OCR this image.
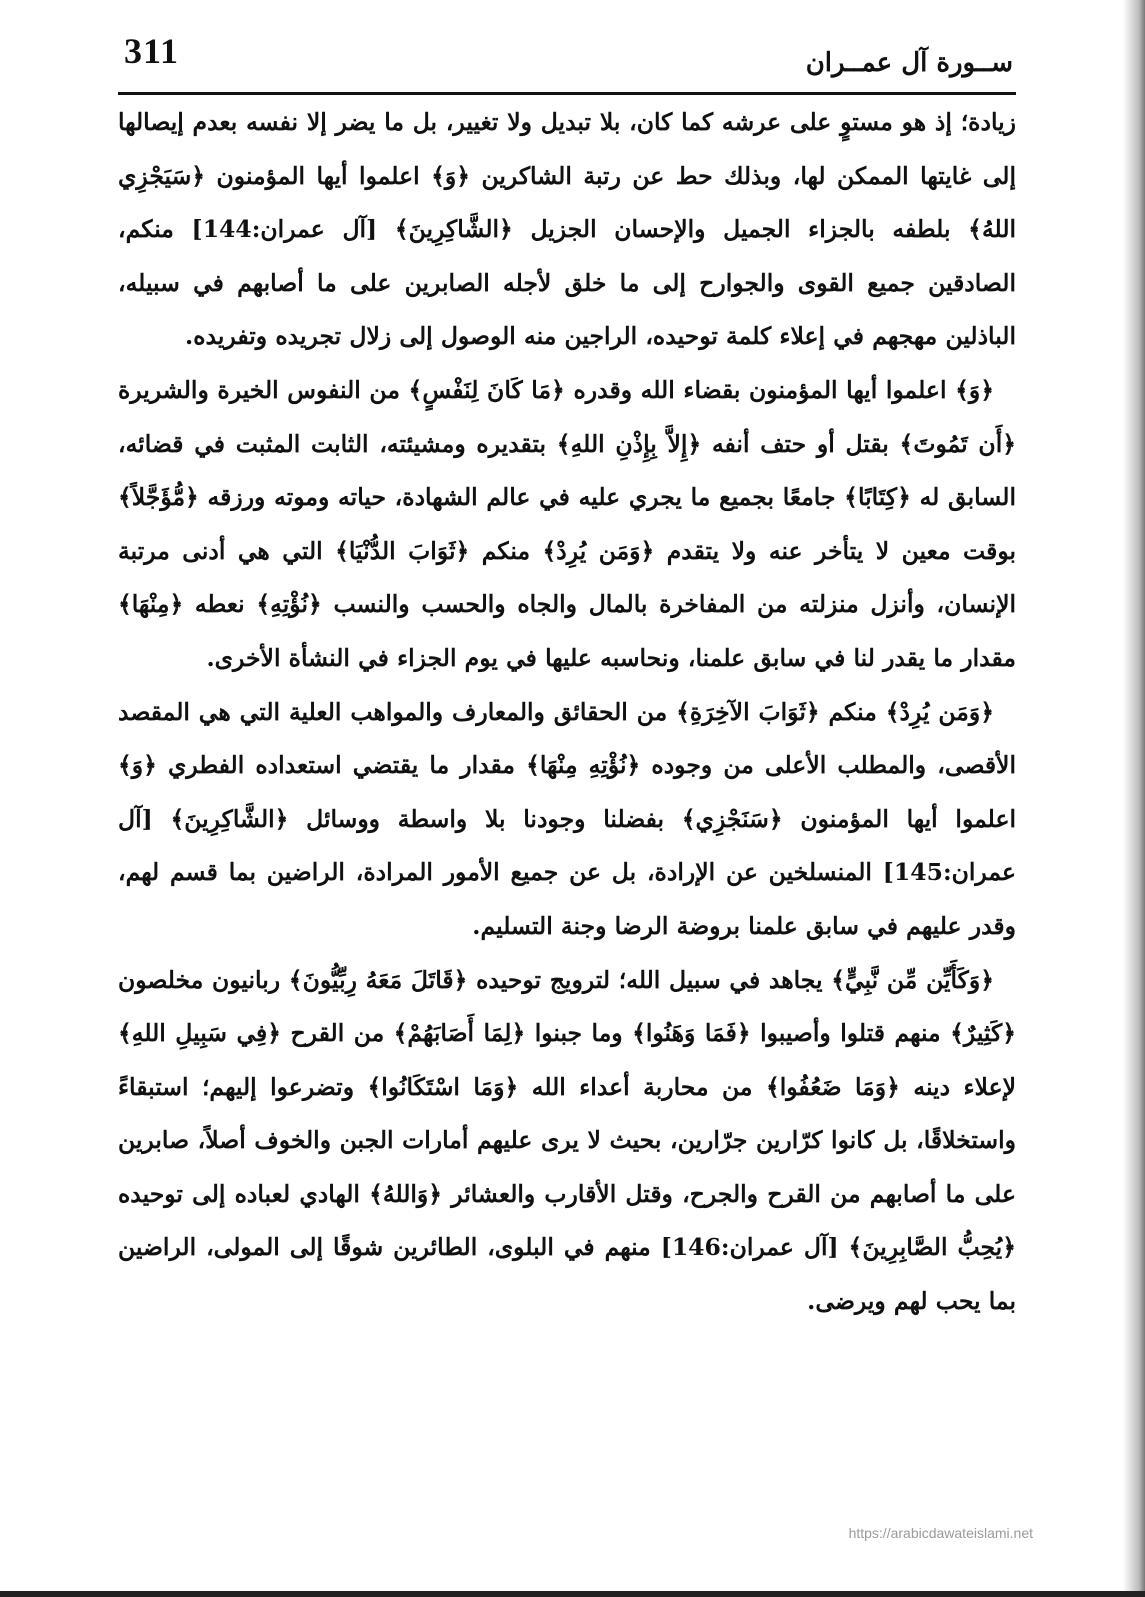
311	ســورة آل عمــران

زيادة؛ إذ هو مستوٍ على عرشه كما كان، بلا تبديل ولا تغيير، بل ما يضر إلا نفسه بعدم إيصالها إلى غايتها الممكن لها، وبذلك حط عن رتبة الشاكرين ﴿وَ﴾ اعلموا أيها المؤمنون ﴿سَيَجْزِي اللهُ﴾ بلطفه بالجزاء الجميل والإحسان الجزيل ﴿الشَّاكِرِينَ﴾ [آل عمران:144] منكم، الصادقين جميع القوى والجوارح إلى ما خلق لأجله الصابرين على ما أصابهم في سبيله، الباذلين مهجهم في إعلاء كلمة توحيده، الراجين منه الوصول إلى زلال تجريده وتفريده.

﴿وَ﴾ اعلموا أيها المؤمنون بقضاء الله وقدره ﴿مَا كَانَ لِنَفْسٍ﴾ من النفوس الخيرة والشريرة ﴿أَن تَمُوتَ﴾ بقتل أو حتف أنفه ﴿إِلاَّ بِإِذْنِ اللهِ﴾ بتقديره ومشيئته، الثابت المثبت في قضائه، السابق له ﴿كِتَابًا﴾ جامعًا بجميع ما يجري عليه في عالم الشهادة، حياته وموته ورزقه ﴿مُّؤَجَّلاً﴾ بوقت معين لا يتأخر عنه ولا يتقدم ﴿وَمَن يُرِدْ﴾ منكم ﴿ثَوَابَ الدُّنْيَا﴾ التي هي أدنى مرتبة الإنسان، وأنزل منزلته من المفاخرة بالمال والجاه والحسب والنسب ﴿نُؤْتِهِ﴾ نعطه ﴿مِنْهَا﴾ مقدار ما يقدر لنا في سابق علمنا، ونحاسبه عليها في يوم الجزاء في النشأة الأخرى.

﴿وَمَن يُرِدْ﴾ منكم ﴿ثَوَابَ الآخِرَةِ﴾ من الحقائق والمعارف والمواهب العلية التي هي المقصد الأقصى، والمطلب الأعلى من وجوده ﴿نُؤْتِهِ مِنْهَا﴾ مقدار ما يقتضي استعداده الفطري ﴿وَ﴾ اعلموا أيها المؤمنون ﴿سَنَجْزِي﴾ بفضلنا وجودنا بلا واسطة ووسائل ﴿الشَّاكِرِينَ﴾ [آل عمران:145] المنسلخين عن الإرادة، بل عن جميع الأمور المرادة، الراضين بما قسم لهم، وقدر عليهم في سابق علمنا بروضة الرضا وجنة التسليم.

﴿وَكَأَيِّن مِّن نَّبِيٍّ﴾ يجاهد في سبيل الله؛ لترويج توحيده ﴿قَاتَلَ مَعَهُ رِبِّيُّونَ﴾ ربانيون مخلصون ﴿كَثِيرٌ﴾ منهم قتلوا وأصيبوا ﴿فَمَا وَهَنُوا﴾ وما جبنوا ﴿لِمَا أَصَابَهُمْ﴾ من القرح ﴿فِي سَبِيلِ اللهِ﴾ لإعلاء دينه ﴿وَمَا ضَعُفُوا﴾ من محاربة أعداء الله ﴿وَمَا اسْتَكَانُوا﴾ وتضرعوا إليهم؛ استبقاءً واستخلاقًا، بل كانوا كرّارين جرّارين، بحيث لا يرى عليهم أمارات الجبن والخوف أصلاً، صابرين على ما أصابهم من القرح والجرح، وقتل الأقارب والعشائر ﴿وَاللهُ﴾ الهادي لعباده إلى توحيده ﴿يُحِبُّ الصَّابِرِينَ﴾ [آل عمران:146] منهم في البلوى، الطائرين شوقًا إلى المولى، الراضين بما يحب لهم ويرضى.

https://arabicdawateislami.net
